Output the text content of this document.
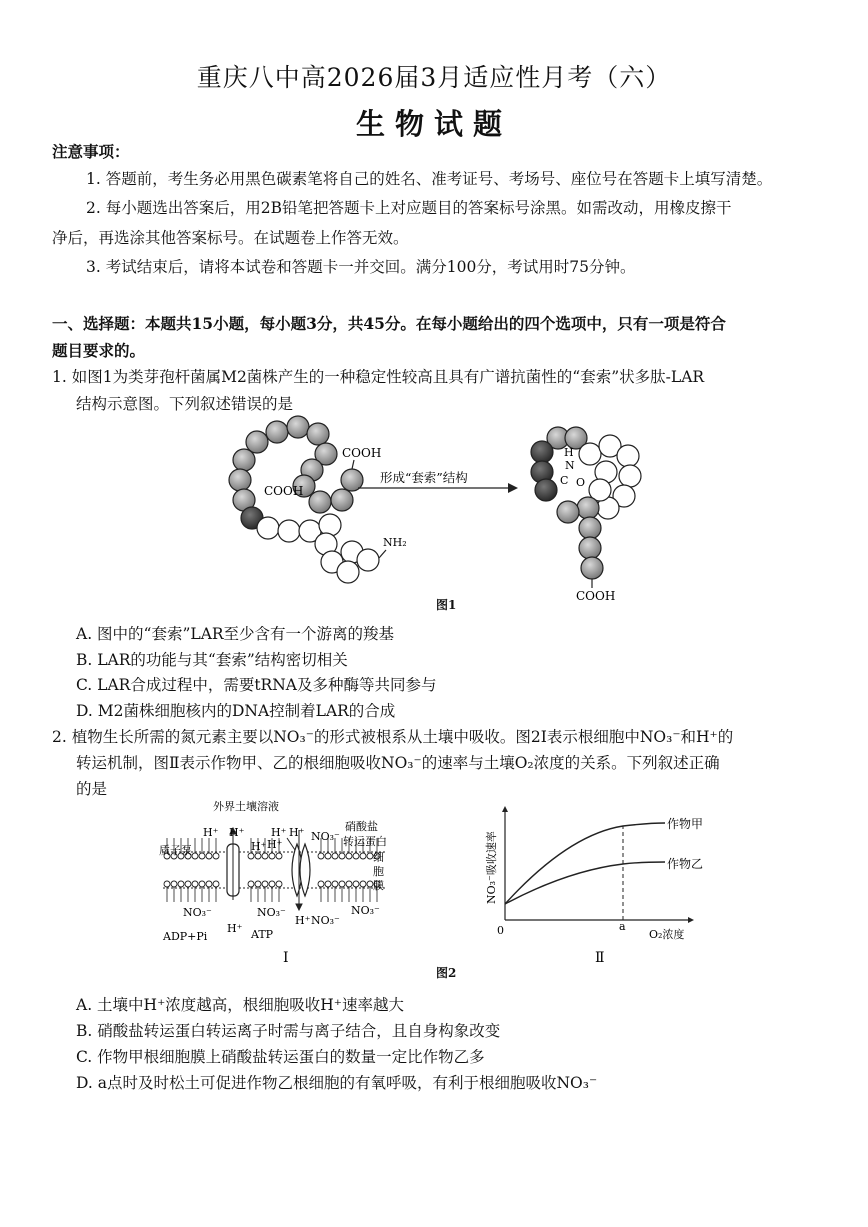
重庆八中高2026届3月适应性月考（六）
生物试题
注意事项：
1. 答题前，考生务必用黑色碳素笔将自己的姓名、准考证号、考场号、座位号在答题卡上填写清楚。
2. 每小题选出答案后，用2B铅笔把答题卡上对应题目的答案标号涂黑。如需改动，用橡皮擦干
净后，再选涂其他答案标号。在试题卷上作答无效。
3. 考试结束后，请将本试卷和答题卡一并交回。满分100分，考试用时75分钟。
一、选择题：本题共15小题，每小题3分，共45分。在每小题给出的四个选项中，只有一项是符合
题目要求的。
1. 如图1为类芽孢杆菌属M2菌株产生的一种稳定性较高且具有广谱抗菌性的“套索”状多肽-LAR
结构示意图。下列叙述错误的是
COOH
COOH
NH₂
形成“套索”结构
H
N
C O
COOH
图1
A. 图中的“套索”LAR至少含有一个游离的羧基
B. LAR的功能与其“套索”结构密切相关
C. LAR合成过程中，需要tRNA及多种酶等共同参与
D. M2菌株细胞核内的DNA控制着LAR的合成
2. 植物生长所需的氮元素主要以NO₃⁻的形式被根系从土壤中吸收。图2Ⅰ表示根细胞中NO₃⁻和H⁺的
转运机制，图Ⅱ表示作物甲、乙的根细胞吸收NO₃⁻的速率与土壤O₂浓度的关系。下列叙述正确
的是
外界土壤溶液
H⁺ H⁺
H⁺
H⁺
H⁺
H⁺ NO₃⁻
质子泵
硝酸盐
转运蛋白
细
胞
膜
NO₃⁻	NO₃⁻	NO₃⁻
ADP+Pi
H⁺ ATP
H⁺ NO₃⁻
Ⅰ
作物甲
作物乙
0	a
O₂浓度
NO₃⁻吸收速率
Ⅱ
图2
A. 土壤中H⁺浓度越高，根细胞吸收H⁺速率越大
B. 硝酸盐转运蛋白转运离子时需与离子结合，且自身构象改变
C. 作物甲根细胞膜上硝酸盐转运蛋白的数量一定比作物乙多
D. a点时及时松土可促进作物乙根细胞的有氧呼吸，有利于根细胞吸收NO₃⁻
